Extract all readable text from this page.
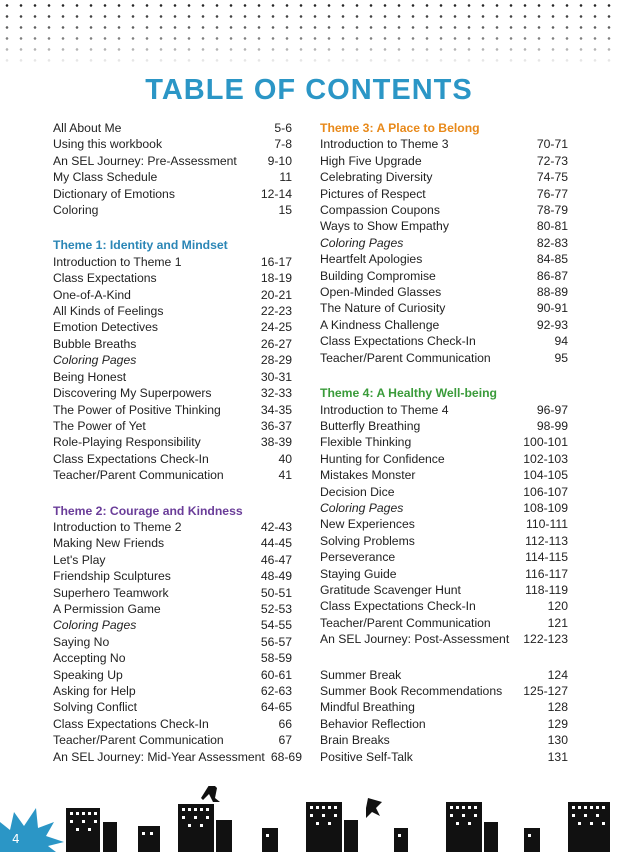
TABLE OF CONTENTS
All About Me	5-6
Using this workbook	7-8
An SEL Journey: Pre-Assessment	9-10
My Class Schedule	11
Dictionary of Emotions	12-14
Coloring	15
Theme 1: Identity and Mindset
Introduction to Theme 1	16-17
Class Expectations	18-19
One-of-A-Kind	20-21
All Kinds of Feelings	22-23
Emotion Detectives	24-25
Bubble Breaths	26-27
Coloring Pages	28-29
Being Honest	30-31
Discovering My Superpowers	32-33
The Power of Positive Thinking	34-35
The Power of Yet	36-37
Role-Playing Responsibility	38-39
Class Expectations Check-In	40
Teacher/Parent Communication	41
Theme 2: Courage and Kindness
Introduction to Theme 2	42-43
Making New Friends	44-45
Let's Play	46-47
Friendship Sculptures	48-49
Superhero Teamwork	50-51
A Permission Game	52-53
Coloring Pages	54-55
Saying No	56-57
Accepting No	58-59
Speaking Up	60-61
Asking for Help	62-63
Solving Conflict	64-65
Class Expectations Check-In	66
Teacher/Parent Communication	67
An SEL Journey: Mid-Year Assessment 68-69
Theme 3: A Place to Belong
Introduction to Theme 3	70-71
High Five Upgrade	72-73
Celebrating Diversity	74-75
Pictures of Respect	76-77
Compassion Coupons	78-79
Ways to Show Empathy	80-81
Coloring Pages	82-83
Heartfelt Apologies	84-85
Building Compromise	86-87
Open-Minded Glasses	88-89
The Nature of Curiosity	90-91
A Kindness Challenge	92-93
Class Expectations Check-In	94
Teacher/Parent Communication	95
Theme 4: A Healthy Well-being
Introduction to Theme 4	96-97
Butterfly Breathing	98-99
Flexible Thinking	100-101
Hunting for Confidence	102-103
Mistakes Monster	104-105
Decision Dice	106-107
Coloring Pages	108-109
New Experiences	110-111
Solving Problems	112-113
Perseverance	114-115
Staying Guide	116-117
Gratitude Scavenger Hunt	118-119
Class Expectations Check-In	120
Teacher/Parent Communication	121
An SEL Journey: Post-Assessment	122-123
Summer Break	124
Summer Book Recommendations	125-127
Mindful Breathing	128
Behavior Reflection	129
Brain Breaks	130
Positive Self-Talk	131
4
